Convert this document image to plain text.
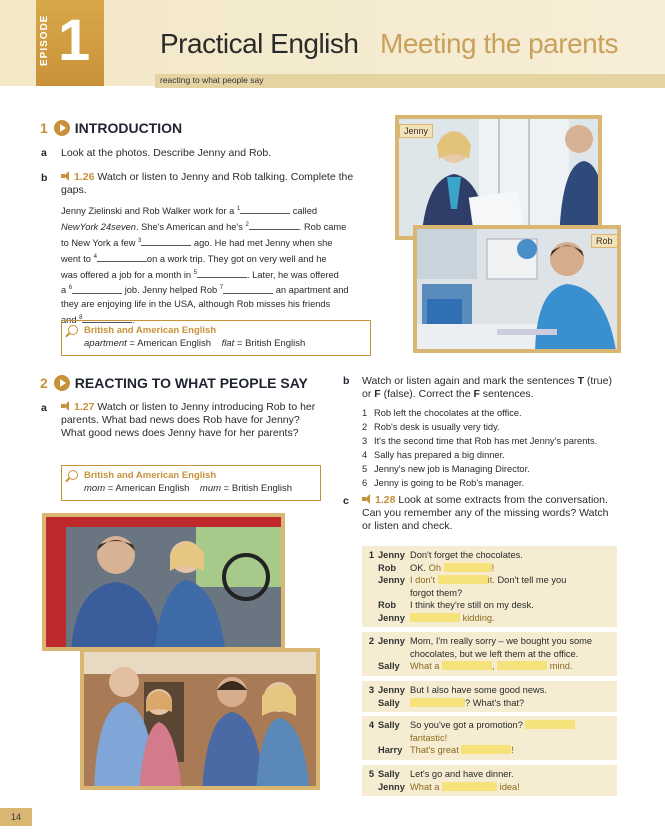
EPISODE 1 Practical English Meeting the parents
reacting to what people say
1 INTRODUCTION
a Look at the photos. Describe Jenny and Rob.
b	1.26 Watch or listen to Jenny and Rob talking. Complete the gaps.
Jenny Zielinski and Rob Walker work for a $^1$	called
NewYork 24seven. She's American and he's $^2$	. Rob came
to New York a few $^3$	ago. He had met Jenny when she
went to $^4$	on a work trip. They got on very well and he
was offered a job for a month in $^5$	. Later, he was offered
a $^6$	job. Jenny helped Rob $^7$	an apartment and
they are enjoying life in the USA, although Rob misses his friends
and $^8$	.
British and American English
apartment = American English flat = British English
Jenny
Rob
2 REACTING TO WHAT PEOPLE SAY
a	1.27 Watch or listen to Jenny introducing Rob to her parents. What bad news does Rob have for Jenny? What good news does Jenny have for her parents?
British and American English
mom = American English mum = British English
b Watch or listen again and mark the sentences T (true) or F (false). Correct the F sentences.
1 Rob left the chocolates at the office.
2 Rob's desk is usually very tidy.
3 It's the second time that Rob has met Jenny's parents.
4 Sally has prepared a big dinner.
5 Jenny's new job is Managing Director.
6 Jenny is going to be Rob's manager.
c	1.28 Look at some extracts from the conversation. Can you remember any of the missing words? Watch or listen and check.
1 Jenny Don't forget the chocolates.
Rob	OK. Oh	!
Jenny I don't	it. Don't tell me you
forgot them?
Rob	I think they're still on my desk.
Jenny	kidding.
2 Jenny Mom, I'm really sorry – we bought you some
chocolates, but we left them at the office.
Sally	What a	,	mind.
3 Jenny But I also have some good news.
Sally	? What's that?
4 Sally	So you've got a promotion?
fantastic!
Harry That's great	!
5 Sally	Let's go and have dinner.
Jenny What a	idea!
14
